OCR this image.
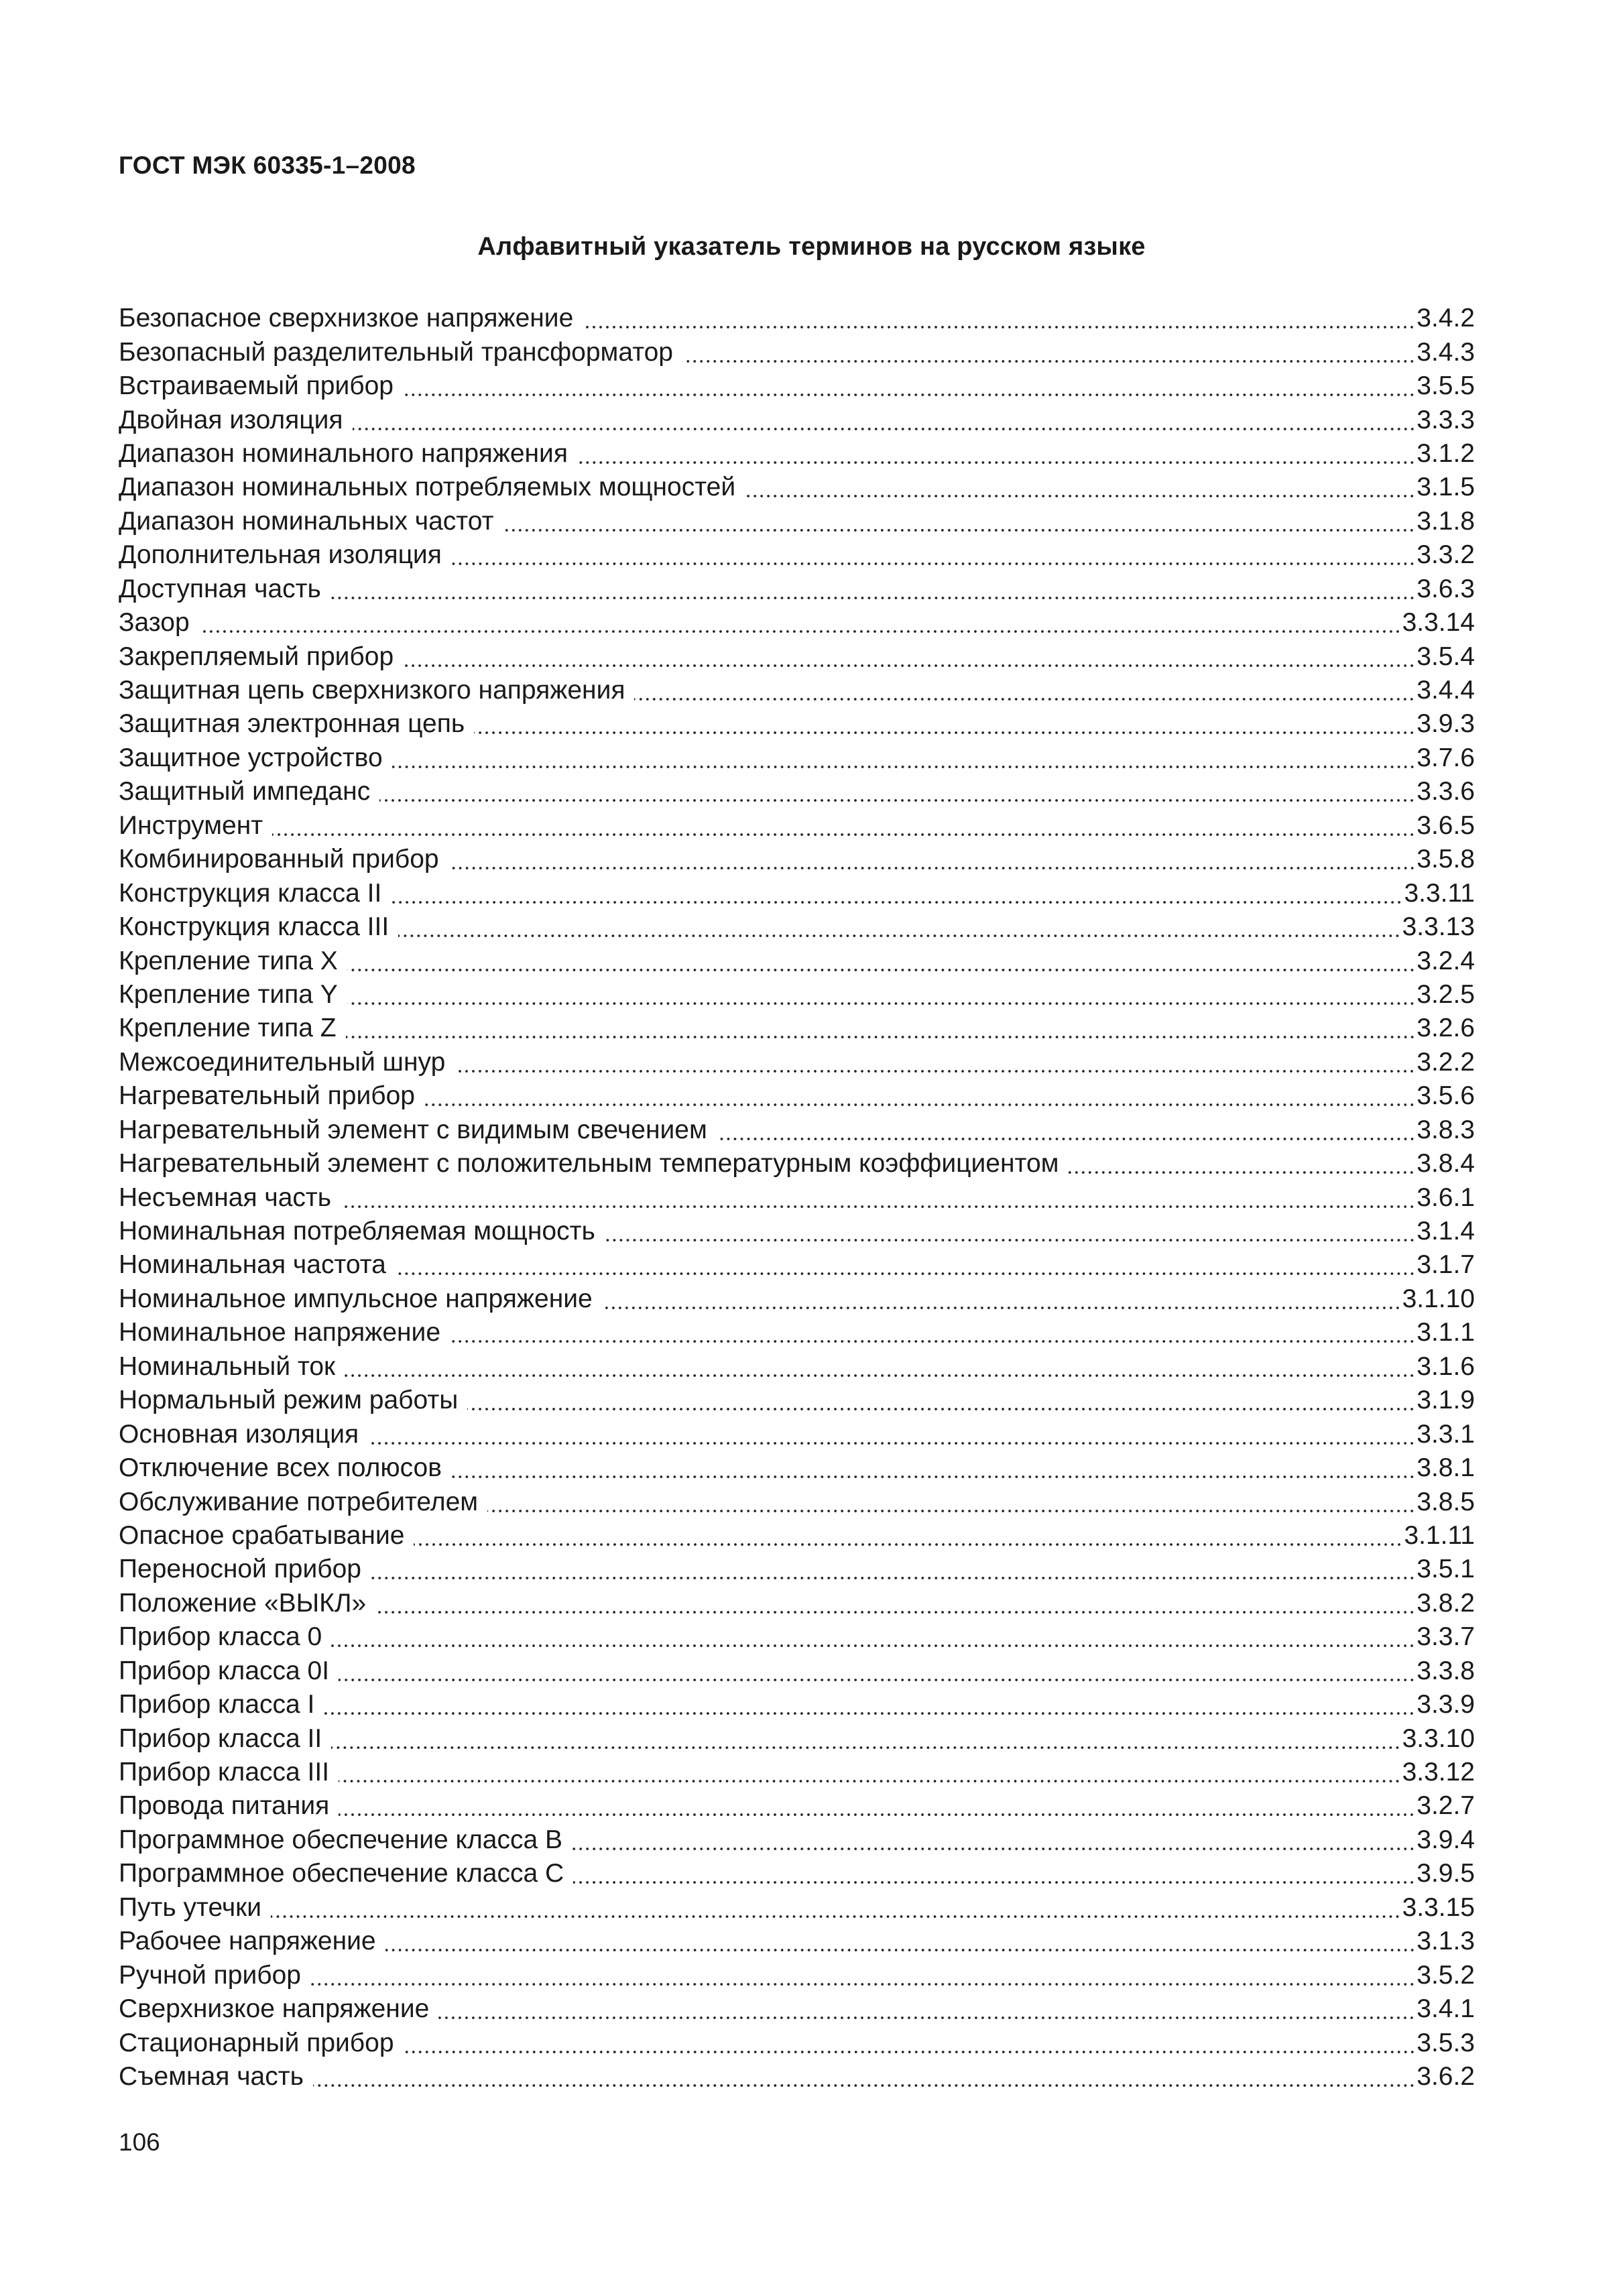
ГОСТ МЭК 60335-1–2008
Алфавитный указатель терминов на русском языке
Безопасное сверхнизкое напряжение	3.4.2
Безопасный разделительный трансформатор	3.4.3
Встраиваемый прибор	3.5.5
Двойная изоляция	3.3.3
Диапазон номинального напряжения	3.1.2
Диапазон номинальных потребляемых мощностей	3.1.5
Диапазон номинальных частот	3.1.8
Дополнительная изоляция	3.3.2
Доступная часть	3.6.3
Зазор	3.3.14
Закрепляемый прибор	3.5.4
Защитная цепь сверхнизкого напряжения	3.4.4
Защитная электронная цепь	3.9.3
Защитное устройство	3.7.6
Защитный импеданс	3.3.6
Инструмент	3.6.5
Комбинированный прибор	3.5.8
Конструкция класса II	3.3.11
Конструкция класса III	3.3.13
Крепление типа X	3.2.4
Крепление типа Y	3.2.5
Крепление типа Z	3.2.6
Межсоединительный шнур	3.2.2
Нагревательный прибор	3.5.6
Нагревательный элемент с видимым свечением	3.8.3
Нагревательный элемент с положительным температурным коэффициентом	3.8.4
Несъемная часть	3.6.1
Номинальная потребляемая мощность	3.1.4
Номинальная частота	3.1.7
Номинальное импульсное напряжение	3.1.10
Номинальное напряжение	3.1.1
Номинальный ток	3.1.6
Нормальный режим работы	3.1.9
Основная изоляция	3.3.1
Отключение всех полюсов	3.8.1
Обслуживание потребителем	3.8.5
Опасное срабатывание	3.1.11
Переносной прибор	3.5.1
Положение «ВЫКЛ»	3.8.2
Прибор класса 0	3.3.7
Прибор класса 0I	3.3.8
Прибор класса I	3.3.9
Прибор класса II	3.3.10
Прибор класса III	3.3.12
Провода питания	3.2.7
Программное обеспечение класса B	3.9.4
Программное обеспечение класса C	3.9.5
Путь утечки	3.3.15
Рабочее напряжение	3.1.3
Ручной прибор	3.5.2
Сверхнизкое напряжение	3.4.1
Стационарный прибор	3.5.3
Съемная часть	3.6.2
106
